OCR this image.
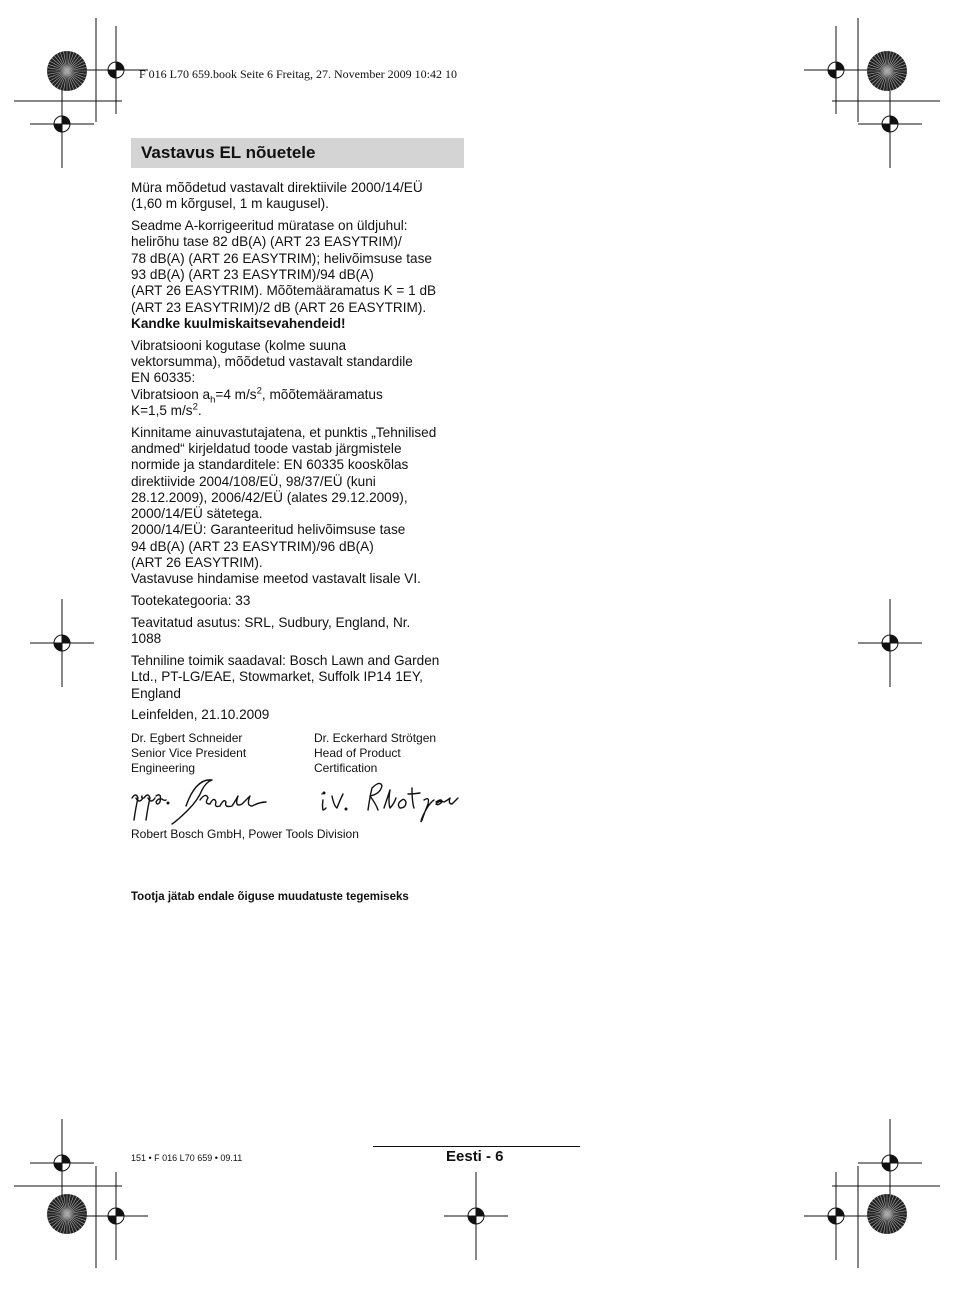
F 016 L70 659.book Seite 6 Freitag, 27. November 2009 10:42 10
Vastavus EL nõuetele

Müra mõõdetud vastavalt direktiivile 2000/14/EÜ
(1,60 m kõrgusel, 1 m kaugusel).

Seadme A-korrigeeritud müratase on üldjuhul:
helirõhu tase 82 dB(A) (ART 23 EASYTRIM)/
78 dB(A) (ART 26 EASYTRIM); helivõimsuse tase
93 dB(A) (ART 23 EASYTRIM)/94 dB(A)
(ART 26 EASYTRIM). Mõõtemääramatus K = 1 dB
(ART 23 EASYTRIM)/2 dB (ART 26 EASYTRIM).
Kandke kuulmiskaitsevahendeid!

Vibratsiooni kogutase (kolme suuna
vektorsumma), mõõdetud vastavalt standardile
EN 60335:
Vibratsioon $a_h=4$ $m/s^2$, mõõtemääramatus
K=1,5 $m/s^2$.

Kinnitame ainuvastutajatena, et punktis „Tehnilised
andmed“ kirjeldatud toode vastab järgmistele
normide ja standarditele: EN 60335 kooskõlas
direktiivide 2004/108/EÜ, 98/37/EÜ (kuni
28.12.2009), 2006/42/EÜ (alates 29.12.2009),
2000/14/EÜ sätetega.
2000/14/EÜ: Garanteeritud helivõimsuse tase
94 dB(A) (ART 23 EASYTRIM)/96 dB(A)
(ART 26 EASYTRIM).
Vastavuse hindamise meetod vastavalt lisale VI.

Tootekategooria: 33

Teavitatud asutus: SRL, Sudbury, England, Nr.
1088

Tehniline toimik saadaval: Bosch Lawn and Garden
Ltd., PT-LG/EAE, Stowmarket, Suffolk IP14 1EY,
England

Leinfelden, 21.10.2009

Dr. Egbert Schneider
Senior Vice President
Engineering
Dr. Eckerhard Strötgen
Head of Product
Certification
Robert Bosch GmbH, Power Tools Division
Tootja jätab endale õiguse muudatuste tegemiseks
151 • F 016 L70 659 • 09.11	Eesti - 6
